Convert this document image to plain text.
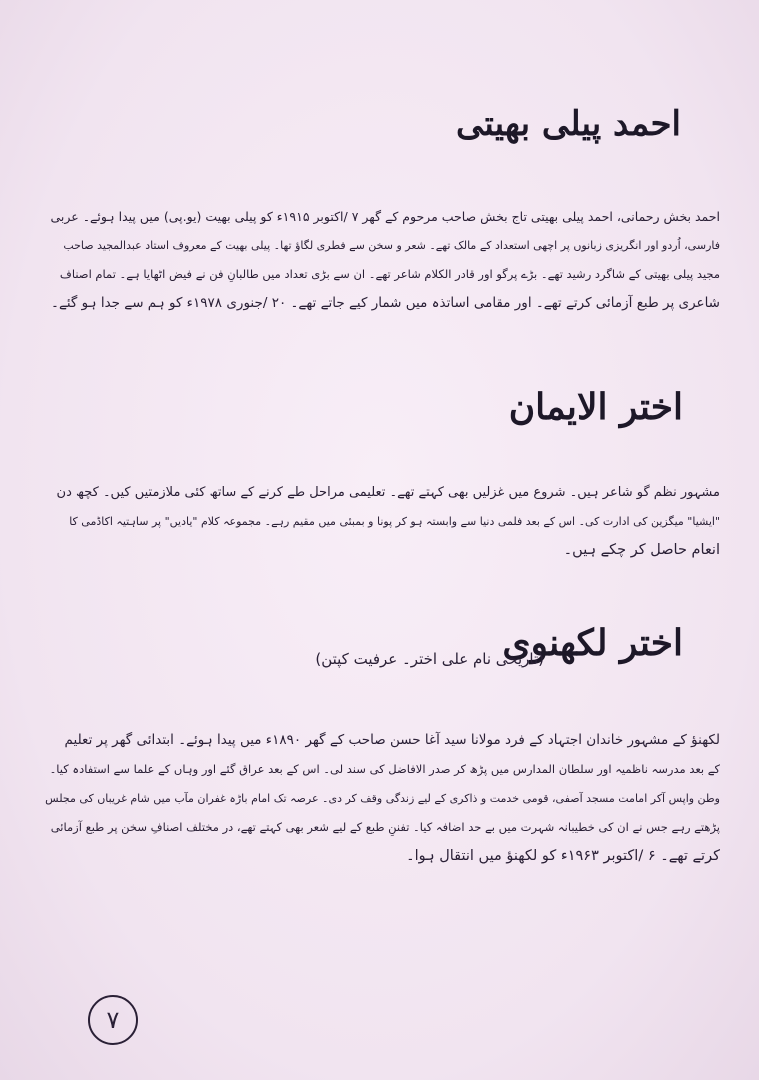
احمد پیلی بھیتی
احمد بخش رحمانی، احمد پیلی بھیتی تاج بخش صاحب مرحوم کے گھر ۷ /اکتوبر ۱۹۱۵ء کو پیلی بھیت (یو.پی) میں پیدا ہوئے۔ عربی
فارسی، اُردو اور انگریزی زبانوں پر اچھی استعداد کے مالک تھے۔ شعر و سخن سے فطری لگاؤ تھا۔ پیلی بھیت کے معروف استاد عبدالمجید صاحب
مجید پیلی بھیتی کے شاگرد رشید تھے۔ بڑے پرگو اور قادر الکلام شاعر تھے۔ ان سے بڑی تعداد میں طالبانِ فن نے فیض اٹھایا ہے۔ تمام اصناف
شاعری پر طبع آزمائی کرتے تھے۔ اور مقامی اساتذہ میں شمار کیے جاتے تھے۔ ۲۰ /جنوری ۱۹۷۸ء کو ہم سے جدا ہو گئے۔
اختر الایمان
مشہور نظم گو شاعر ہیں۔ شروع میں غزلیں بھی کہتے تھے۔ تعلیمی مراحل طے کرنے کے ساتھ کئی ملازمتیں کیں۔ کچھ دن
"ایشیا" میگزین کی ادارت کی۔ اس کے بعد فلمی دنیا سے وابستہ ہو کر پونا و بمبئی میں مقیم رہے۔ مجموعہ کلام "یادیں" پر ساہتیہ اکاڈمی کا
انعام حاصل کر چکے ہیں۔
اختر لکھنوی
(تاریخی نام علی اختر۔ عرفیت کپتن)
لکھنؤ کے مشہور خاندان اجتہاد کے فرد مولانا سید آغا حسن صاحب کے گھر ۱۸۹۰ء میں پیدا ہوئے۔ ابتدائی گھر پر تعلیم
کے بعد مدرسہ ناظمیہ اور سلطان المدارس میں پڑھ کر صدر الافاضل کی سند لی۔ اس کے بعد عراق گئے اور وہاں کے علما سے استفادہ کیا۔
وطن واپس آکر امامت مسجد آصفی، قومی خدمت و ذاکری کے لیے زندگی وقف کر دی۔ عرصہ تک امام باڑہ غفران مآب میں شام غریباں کی مجلس
پڑھتے رہے جس نے ان کی خطیبانہ شہرت میں بے حد اضافہ کیا۔ تفننِ طبع کے لیے شعر بھی کہتے تھے، در مختلف اصنافِ سخن پر طبع آزمائی
کرتے تھے۔ ۶ /اکتوبر ۱۹۶۳ء کو لکھنؤ میں انتقال ہوا۔
۷
